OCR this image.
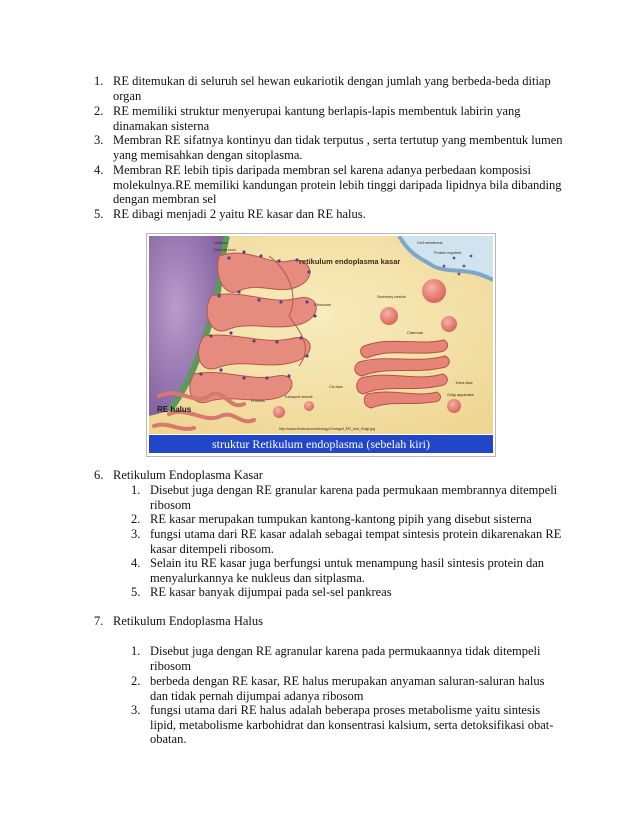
1. RE ditemukan di seluruh sel hewan eukariotik dengan jumlah yang berbeda-beda ditiap
organ
2. RE memiliki struktur menyerupai kantung berlapis-lapis membentuk labirin yang
dinamakan sisterna
3. Membran RE sifatnya kontinyu dan tidak terputus , serta tertutup yang membentuk lumen
yang memisahkan dengan sitoplasma.
4. Membran RE lebih tipis daripada membran sel karena adanya perbedaan komposisi
molekulnya.RE memiliki kandungan protein lebih tinggi daripada lipidnya bila dibanding
dengan membran sel
5. RE dibagi menjadi 2 yaitu RE kasar dan RE halus.
retikulum endoplasma kasar
RE halus
Nucleus
Nuclear pore
Cell membrane
Protein expelled
Secretory vesicle
Cisternae
Ribosome
Cis face
Trans face
Golgi apparatus
Proteins
Transport vesicle
http://www.fredonia.edu/biology/Omega/t_ER_and_Golgi.jpg
struktur Retikulum endoplasma (sebelah kiri)
6. Retikulum Endoplasma Kasar
1. Disebut juga dengan RE granular karena pada permukaan membrannya ditempeli
ribosom
2. RE kasar merupakan tumpukan kantong-kantong pipih yang disebut sisterna
3. fungsi utama dari RE kasar adalah sebagai tempat sintesis protein dikarenakan RE
kasar ditempeli ribosom.
4. Selain itu RE kasar juga berfungsi untuk menampung hasil sintesis protein dan
menyalurkannya ke nukleus dan sitplasma.
5. RE kasar banyak dijumpai pada sel-sel pankreas
7. Retikulum Endoplasma Halus
1. Disebut juga dengan RE agranular karena pada permukaannya tidak ditempeli
ribosom
2. berbeda dengan RE kasar, RE halus merupakan anyaman saluran-saluran halus
dan tidak pernah dijumpai adanya ribosom
3. fungsi utama dari RE halus adalah beberapa proses metabolisme yaitu sintesis
lipid, metabolisme karbohidrat dan konsentrasi kalsium, serta detoksifikasi obat-
obatan.
